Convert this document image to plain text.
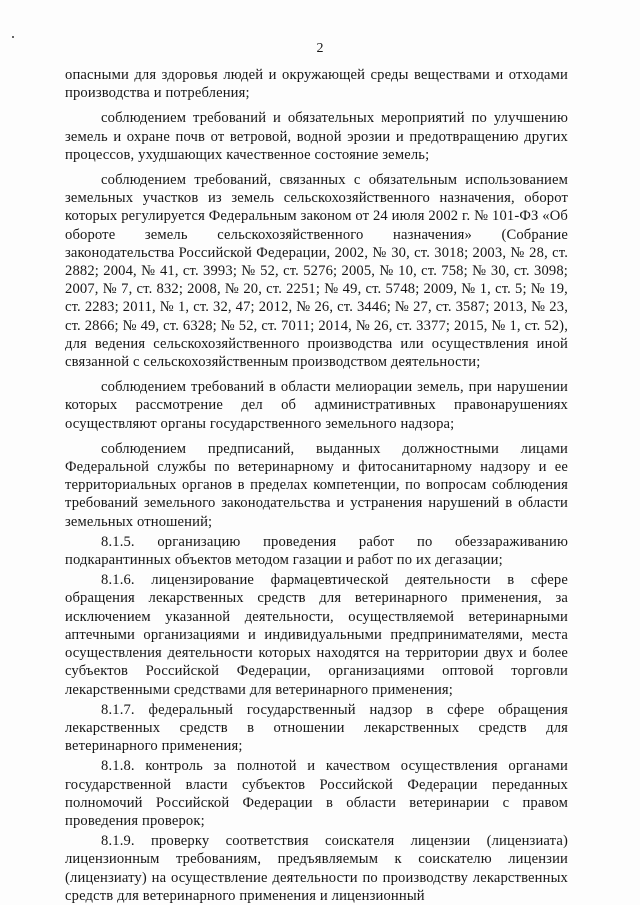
2

опасными для здоровья людей и окружающей среды веществами и отходами производства и потребления;

соблюдением требований и обязательных мероприятий по улучшению земель и охране почв от ветровой, водной эрозии и предотвращению других процессов, ухудшающих качественное состояние земель;

соблюдением требований, связанных с обязательным использованием земельных участков из земель сельскохозяйственного назначения, оборот которых регулируется Федеральным законом от 24 июля 2002 г. № 101-ФЗ «Об обороте земель сельскохозяйственного назначения» (Собрание законодательства Российской Федерации, 2002, № 30, ст. 3018; 2003, № 28, ст. 2882; 2004, № 41, ст. 3993; № 52, ст. 5276; 2005, № 10, ст. 758; № 30, ст. 3098; 2007, № 7, ст. 832; 2008, № 20, ст. 2251; № 49, ст. 5748; 2009, № 1, ст. 5; № 19, ст. 2283; 2011, № 1, ст. 32, 47; 2012, № 26, ст. 3446; № 27, ст. 3587; 2013, № 23, ст. 2866; № 49, ст. 6328; № 52, ст. 7011; 2014, № 26, ст. 3377; 2015, № 1, ст. 52), для ведения сельскохозяйственного производства или осуществления иной связанной с сельскохозяйственным производством деятельности;

соблюдением требований в области мелиорации земель, при нарушении которых рассмотрение дел об административных правонарушениях осуществляют органы государственного земельного надзора;

соблюдением предписаний, выданных должностными лицами Федеральной службы по ветеринарному и фитосанитарному надзору и ее территориальных органов в пределах компетенции, по вопросам соблюдения требований земельного законодательства и устранения нарушений в области земельных отношений;

8.1.5. организацию проведения работ по обеззараживанию подкарантинных объектов методом газации и работ по их дегазации;

8.1.6. лицензирование фармацевтической деятельности в сфере обращения лекарственных средств для ветеринарного применения, за исключением указанной деятельности, осуществляемой ветеринарными аптечными организациями и индивидуальными предпринимателями, места осуществления деятельности которых находятся на территории двух и более субъектов Российской Федерации, организациями оптовой торговли лекарственными средствами для ветеринарного применения;

8.1.7. федеральный государственный надзор в сфере обращения лекарственных средств в отношении лекарственных средств для ветеринарного применения;

8.1.8. контроль за полнотой и качеством осуществления органами государственной власти субъектов Российской Федерации переданных полномочий Российской Федерации в области ветеринарии с правом проведения проверок;

8.1.9. проверку соответствия соискателя лицензии (лицензиата) лицензионным требованиям, предъявляемым к соискателю лицензии (лицензиату) на осуществление деятельности по производству лекарственных средств для ветеринарного применения и лицензионный
